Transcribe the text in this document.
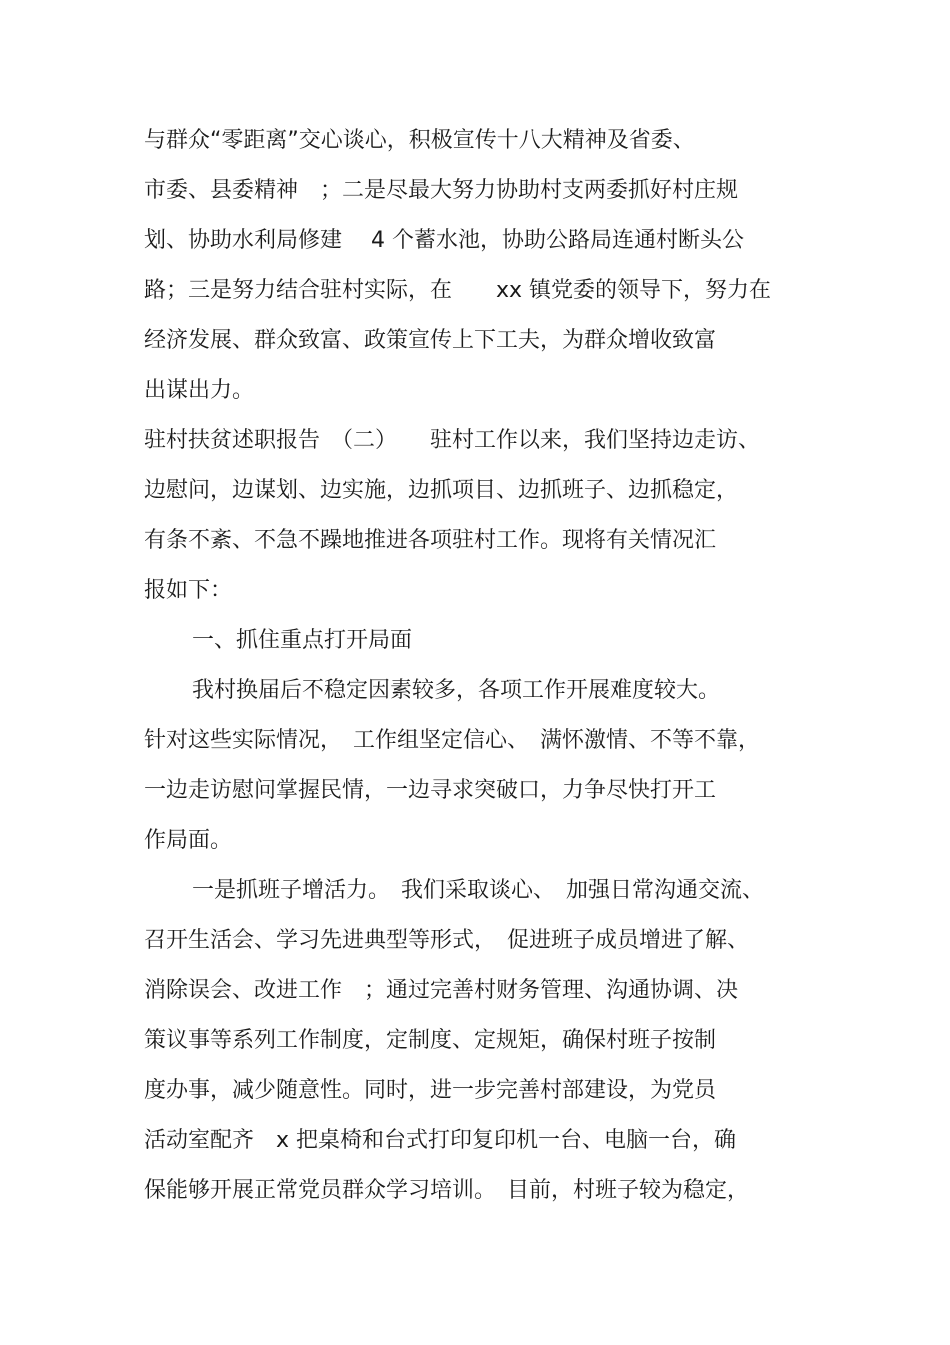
与群众“零距离”交心谈心，积极宣传十八大精神及省委、
市委、县委精神　；二是尽最大努力协助村支两委抓好村庄规
划、协助水利局修建　 4 个蓄水池，协助公路局连通村断头公
路；三是努力结合驻村实际，在　　xx 镇党委的领导下，努力在
经济发展、群众致富、政策宣传上下工夫，为群众增收致富
出谋出力。
驻村扶贫述职报告　（二）　　驻村工作以来，我们坚持边走访、
边慰问，边谋划、边实施，边抓项目、边抓班子、边抓稳定，
有条不紊、不急不躁地推进各项驻村工作。现将有关情况汇
报如下：
一、抓住重点打开局面
我村换届后不稳定因素较多，各项工作开展难度较大。
针对这些实际情况，　工作组坚定信心、　满怀激情、不等不靠，
一边走访慰问掌握民情，一边寻求突破口，力争尽快打开工
作局面。
一是抓班子增活力。　我们采取谈心、　加强日常沟通交流、
召开生活会、学习先进典型等形式，　促进班子成员增进了解、
消除误会、改进工作　；通过完善村财务管理、沟通协调、决
策议事等系列工作制度，定制度、定规矩，确保村班子按制
度办事，减少随意性。同时，进一步完善村部建设，为党员
活动室配齐　x 把桌椅和台式打印复印机一台、电脑一台，确
保能够开展正常党员群众学习培训。　目前，村班子较为稳定，
